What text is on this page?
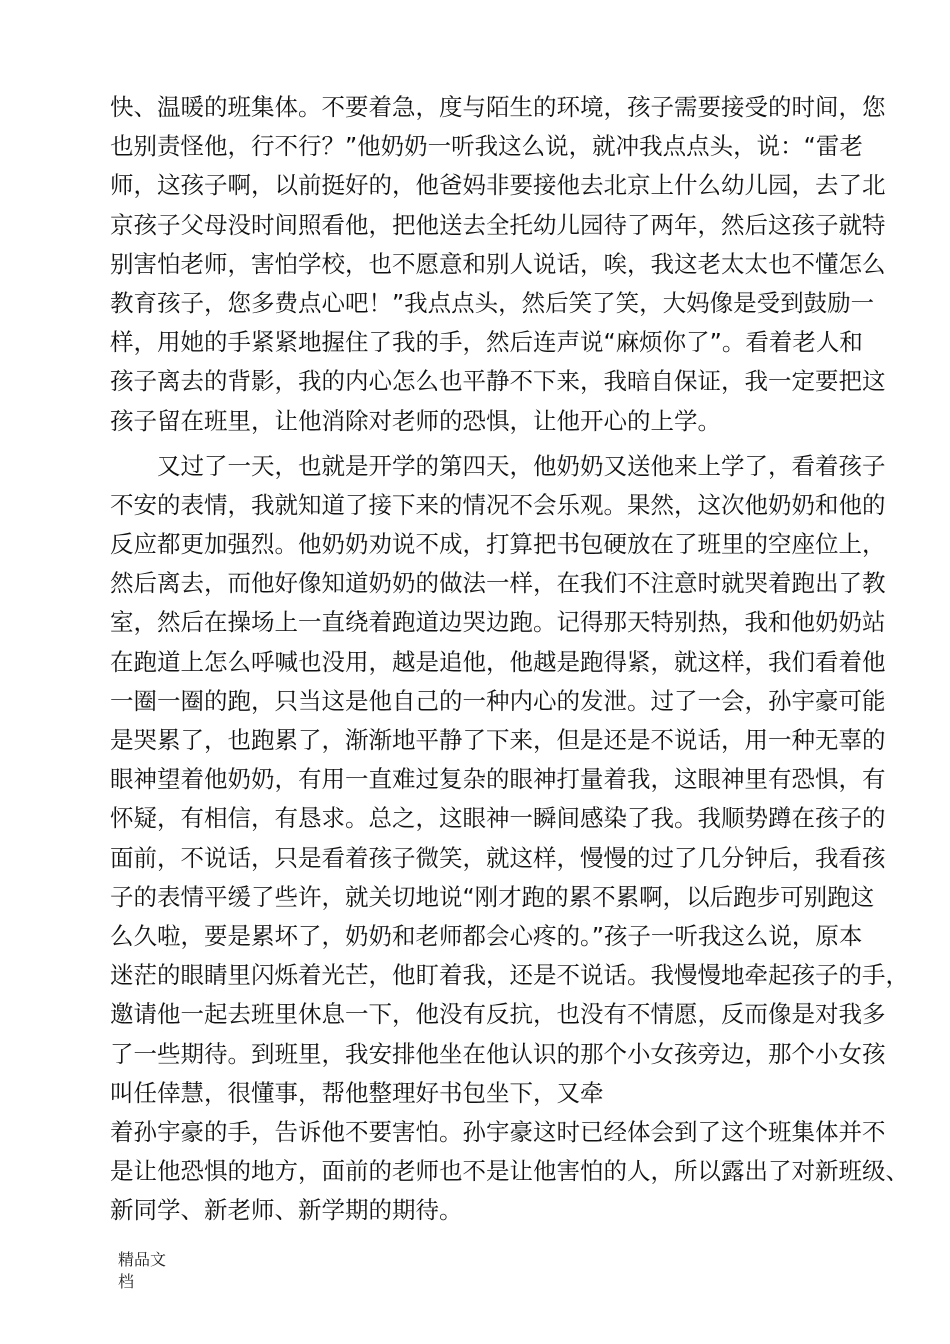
快、温暖的班集体。不要着急，度与陌生的环境，孩子需要接受的时间，您
也别责怪他，行不行？”他奶奶一听我这么说，就冲我点点头，说：“雷老
师，这孩子啊，以前挺好的，他爸妈非要接他去北京上什么幼儿园，去了北
京孩子父母没时间照看他，把他送去全托幼儿园待了两年，然后这孩子就特
别害怕老师，害怕学校，也不愿意和别人说话，唉，我这老太太也不懂怎么
教育孩子，您多费点心吧！”我点点头，然后笑了笑，大妈像是受到鼓励一
样，用她的手紧紧地握住了我的手，然后连声说“麻烦你了”。看着老人和
孩子离去的背影，我的内心怎么也平静不下来，我暗自保证，我一定要把这
孩子留在班里，让他消除对老师的恐惧，让他开心的上学。
又过了一天，也就是开学的第四天，他奶奶又送他来上学了，看着孩子
不安的表情，我就知道了接下来的情况不会乐观。果然，这次他奶奶和他的
反应都更加强烈。他奶奶劝说不成，打算把书包硬放在了班里的空座位上，
然后离去，而他好像知道奶奶的做法一样，在我们不注意时就哭着跑出了教
室，然后在操场上一直绕着跑道边哭边跑。记得那天特别热，我和他奶奶站
在跑道上怎么呼喊也没用，越是追他，他越是跑得紧，就这样，我们看着他
一圈一圈的跑，只当这是他自己的一种内心的发泄。过了一会，孙宇豪可能
是哭累了，也跑累了，渐渐地平静了下来，但是还是不说话，用一种无辜的
眼神望着他奶奶，有用一直难过复杂的眼神打量着我，这眼神里有恐惧，有
怀疑，有相信，有恳求。总之，这眼神一瞬间感染了我。我顺势蹲在孩子的
面前，不说话，只是看着孩子微笑，就这样，慢慢的过了几分钟后，我看孩
子的表情平缓了些许，就关切地说“刚才跑的累不累啊，以后跑步可别跑这
么久啦，要是累坏了，奶奶和老师都会心疼的。”孩子一听我这么说，原本
迷茫的眼睛里闪烁着光芒，他盯着我，还是不说话。我慢慢地牵起孩子的手，
邀请他一起去班里休息一下，他没有反抗，也没有不情愿，反而像是对我多
了一些期待。到班里，我安排他坐在他认识的那个小女孩旁边，那个小女孩
叫任倖慧，很懂事，帮他整理好书包坐下，又牵
着孙宇豪的手，告诉他不要害怕。孙宇豪这时已经体会到了这个班集体并不
是让他恐惧的地方，面前的老师也不是让他害怕的人，所以露出了对新班级、
新同学、新老师、新学期的期待。
精品文
档
